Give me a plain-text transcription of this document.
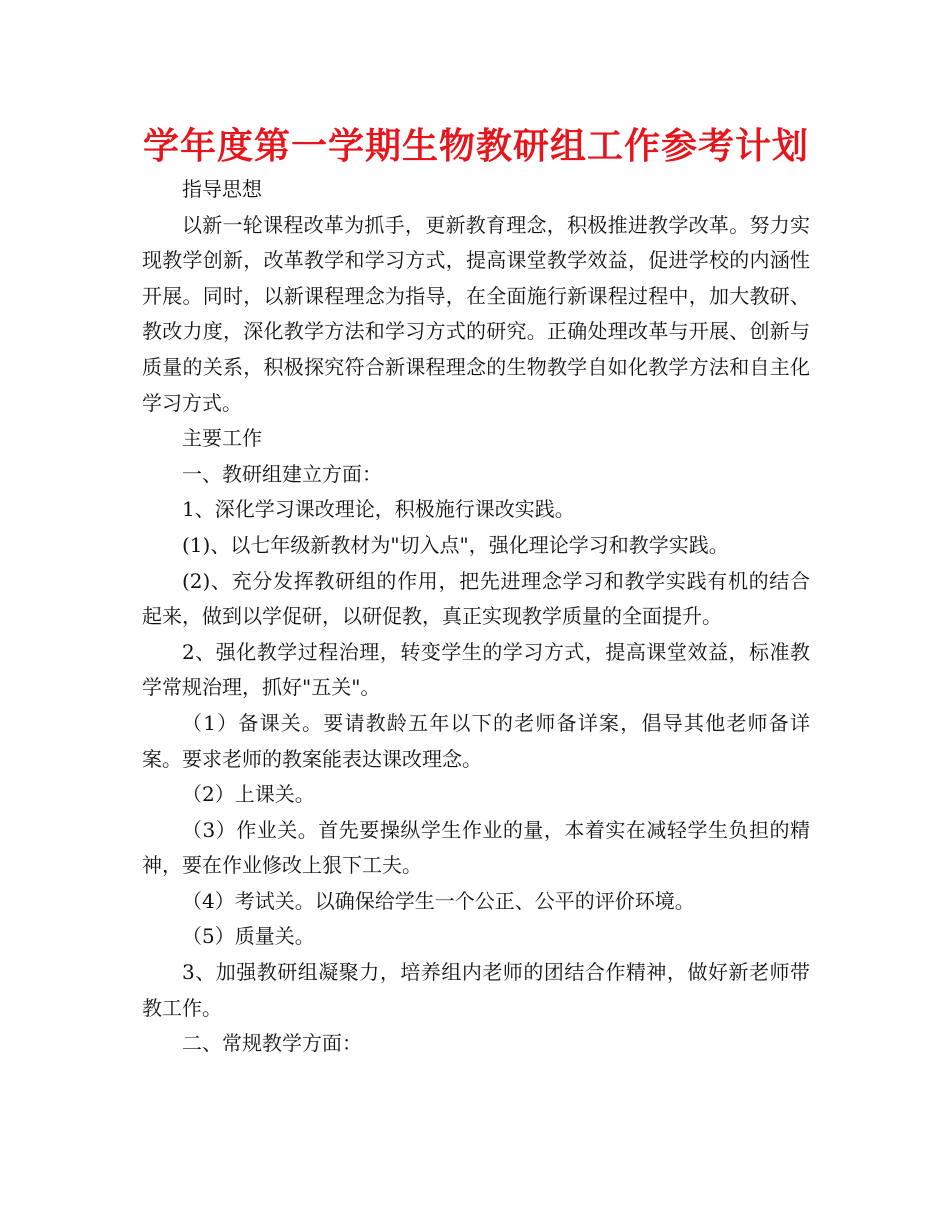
学年度第一学期生物教研组工作参考计划

指导思想

以新一轮课程改革为抓手，更新教育理念，积极推进教学改革。努力实现教学创新，改革教学和学习方式，提高课堂教学效益，促进学校的内涵性开展。同时，以新课程理念为指导，在全面施行新课程过程中，加大教研、教改力度，深化教学方法和学习方式的研究。正确处理改革与开展、创新与质量的关系，积极探究符合新课程理念的生物教学自如化教学方法和自主化学习方式。

主要工作

一、教研组建立方面：

1、深化学习课改理论，积极施行课改实践。

(1)、以七年级新教材为"切入点"，强化理论学习和教学实践。

(2)、充分发挥教研组的作用，把先进理念学习和教学实践有机的结合起来，做到以学促研，以研促教，真正实现教学质量的全面提升。

2、强化教学过程治理，转变学生的学习方式，提高课堂效益，标准教学常规治理，抓好"五关"。

（1）备课关。要请教龄五年以下的老师备详案，倡导其他老师备详案。要求老师的教案能表达课改理念。

（2）上课关。

（3）作业关。首先要操纵学生作业的量，本着实在减轻学生负担的精神，要在作业修改上狠下工夫。

（4）考试关。以确保给学生一个公正、公平的评价环境。

（5）质量关。

3、加强教研组凝聚力，培养组内老师的团结合作精神，做好新老师带教工作。

二、常规教学方面：
